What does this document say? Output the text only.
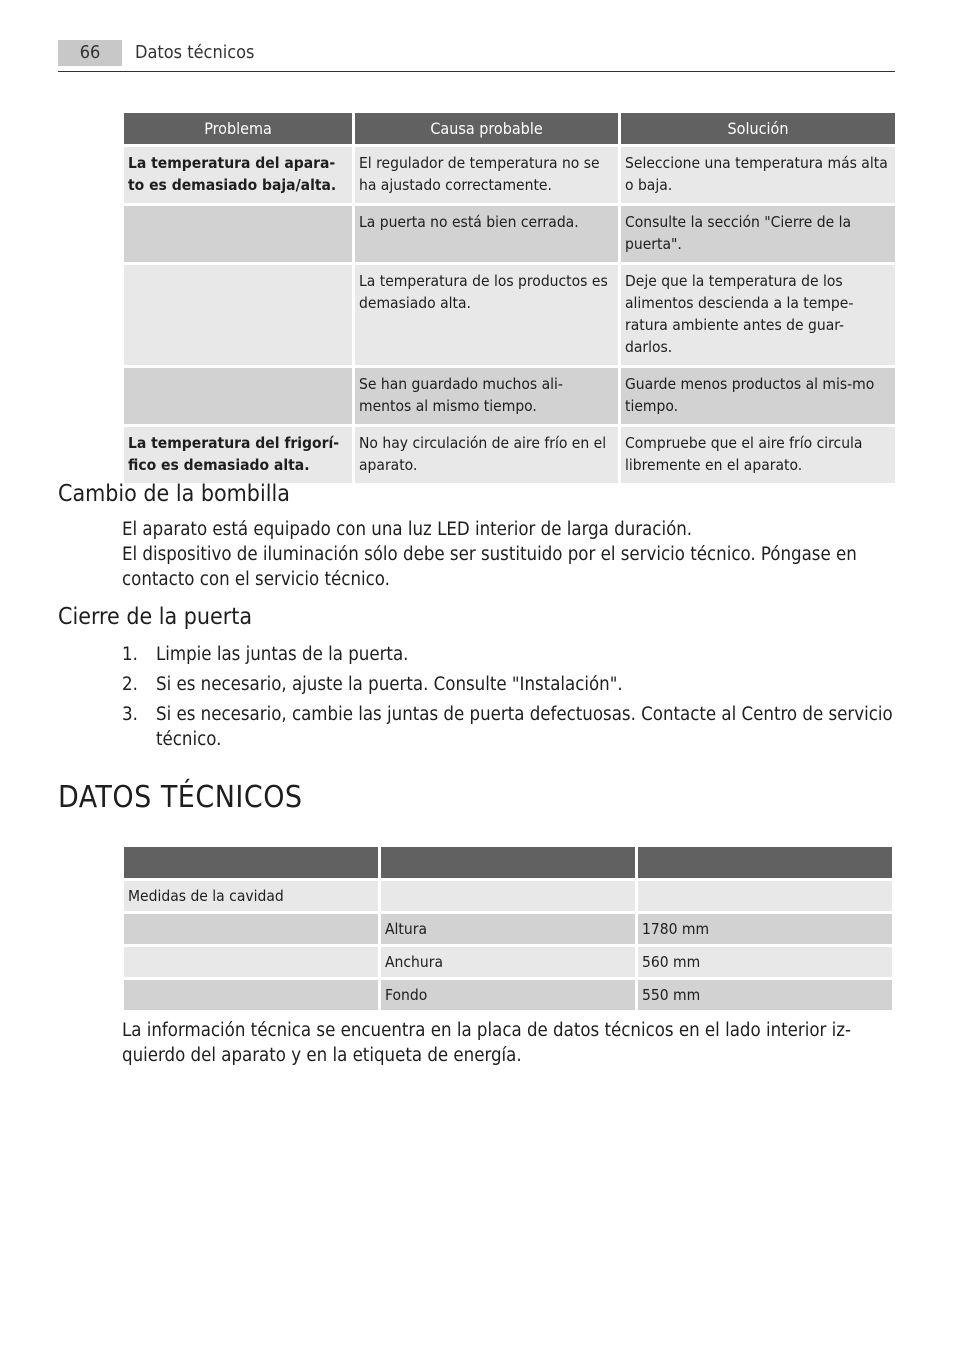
66	Datos técnicos
Problema	Causa probable	Solución
La temperatura del apara-to es demasiado baja/alta.	El regulador de temperatura no se ha ajustado correctamente.	Seleccione una temperatura más alta o baja.
	La puerta no está bien cerrada.	Consulte la sección "Cierre de la puerta".
	La temperatura de los productos es demasiado alta.	Deje que la temperatura de los alimentos descienda a la tempe-ratura ambiente antes de guar-darlos.
	Se han guardado muchos ali-mentos al mismo tiempo.	Guarde menos productos al mis-mo tiempo.
La temperatura del frigorí-fico es demasiado alta.	No hay circulación de aire frío en el aparato.	Compruebe que el aire frío circula libremente en el aparato.
Cambio de la bombilla

El aparato está equipado con una luz LED interior de larga duración.

El dispositivo de iluminación sólo debe ser sustituido por el servicio técnico. Póngase en contacto con el servicio técnico.

Cierre de la puerta
1. Limpie las juntas de la puerta.
2. Si es necesario, ajuste la puerta. Consulte "Instalación".
3. Si es necesario, cambie las juntas de puerta defectuosas. Contacte al Centro de servicio técnico.
DATOS TÉCNICOS

Medidas de la cavidad		
	Altura	1780 mm
	Anchura	560 mm
	Fondo	550 mm

La información técnica se encuentra en la placa de datos técnicos en el lado interior iz-quierdo del aparato y en la etiqueta de energía.
